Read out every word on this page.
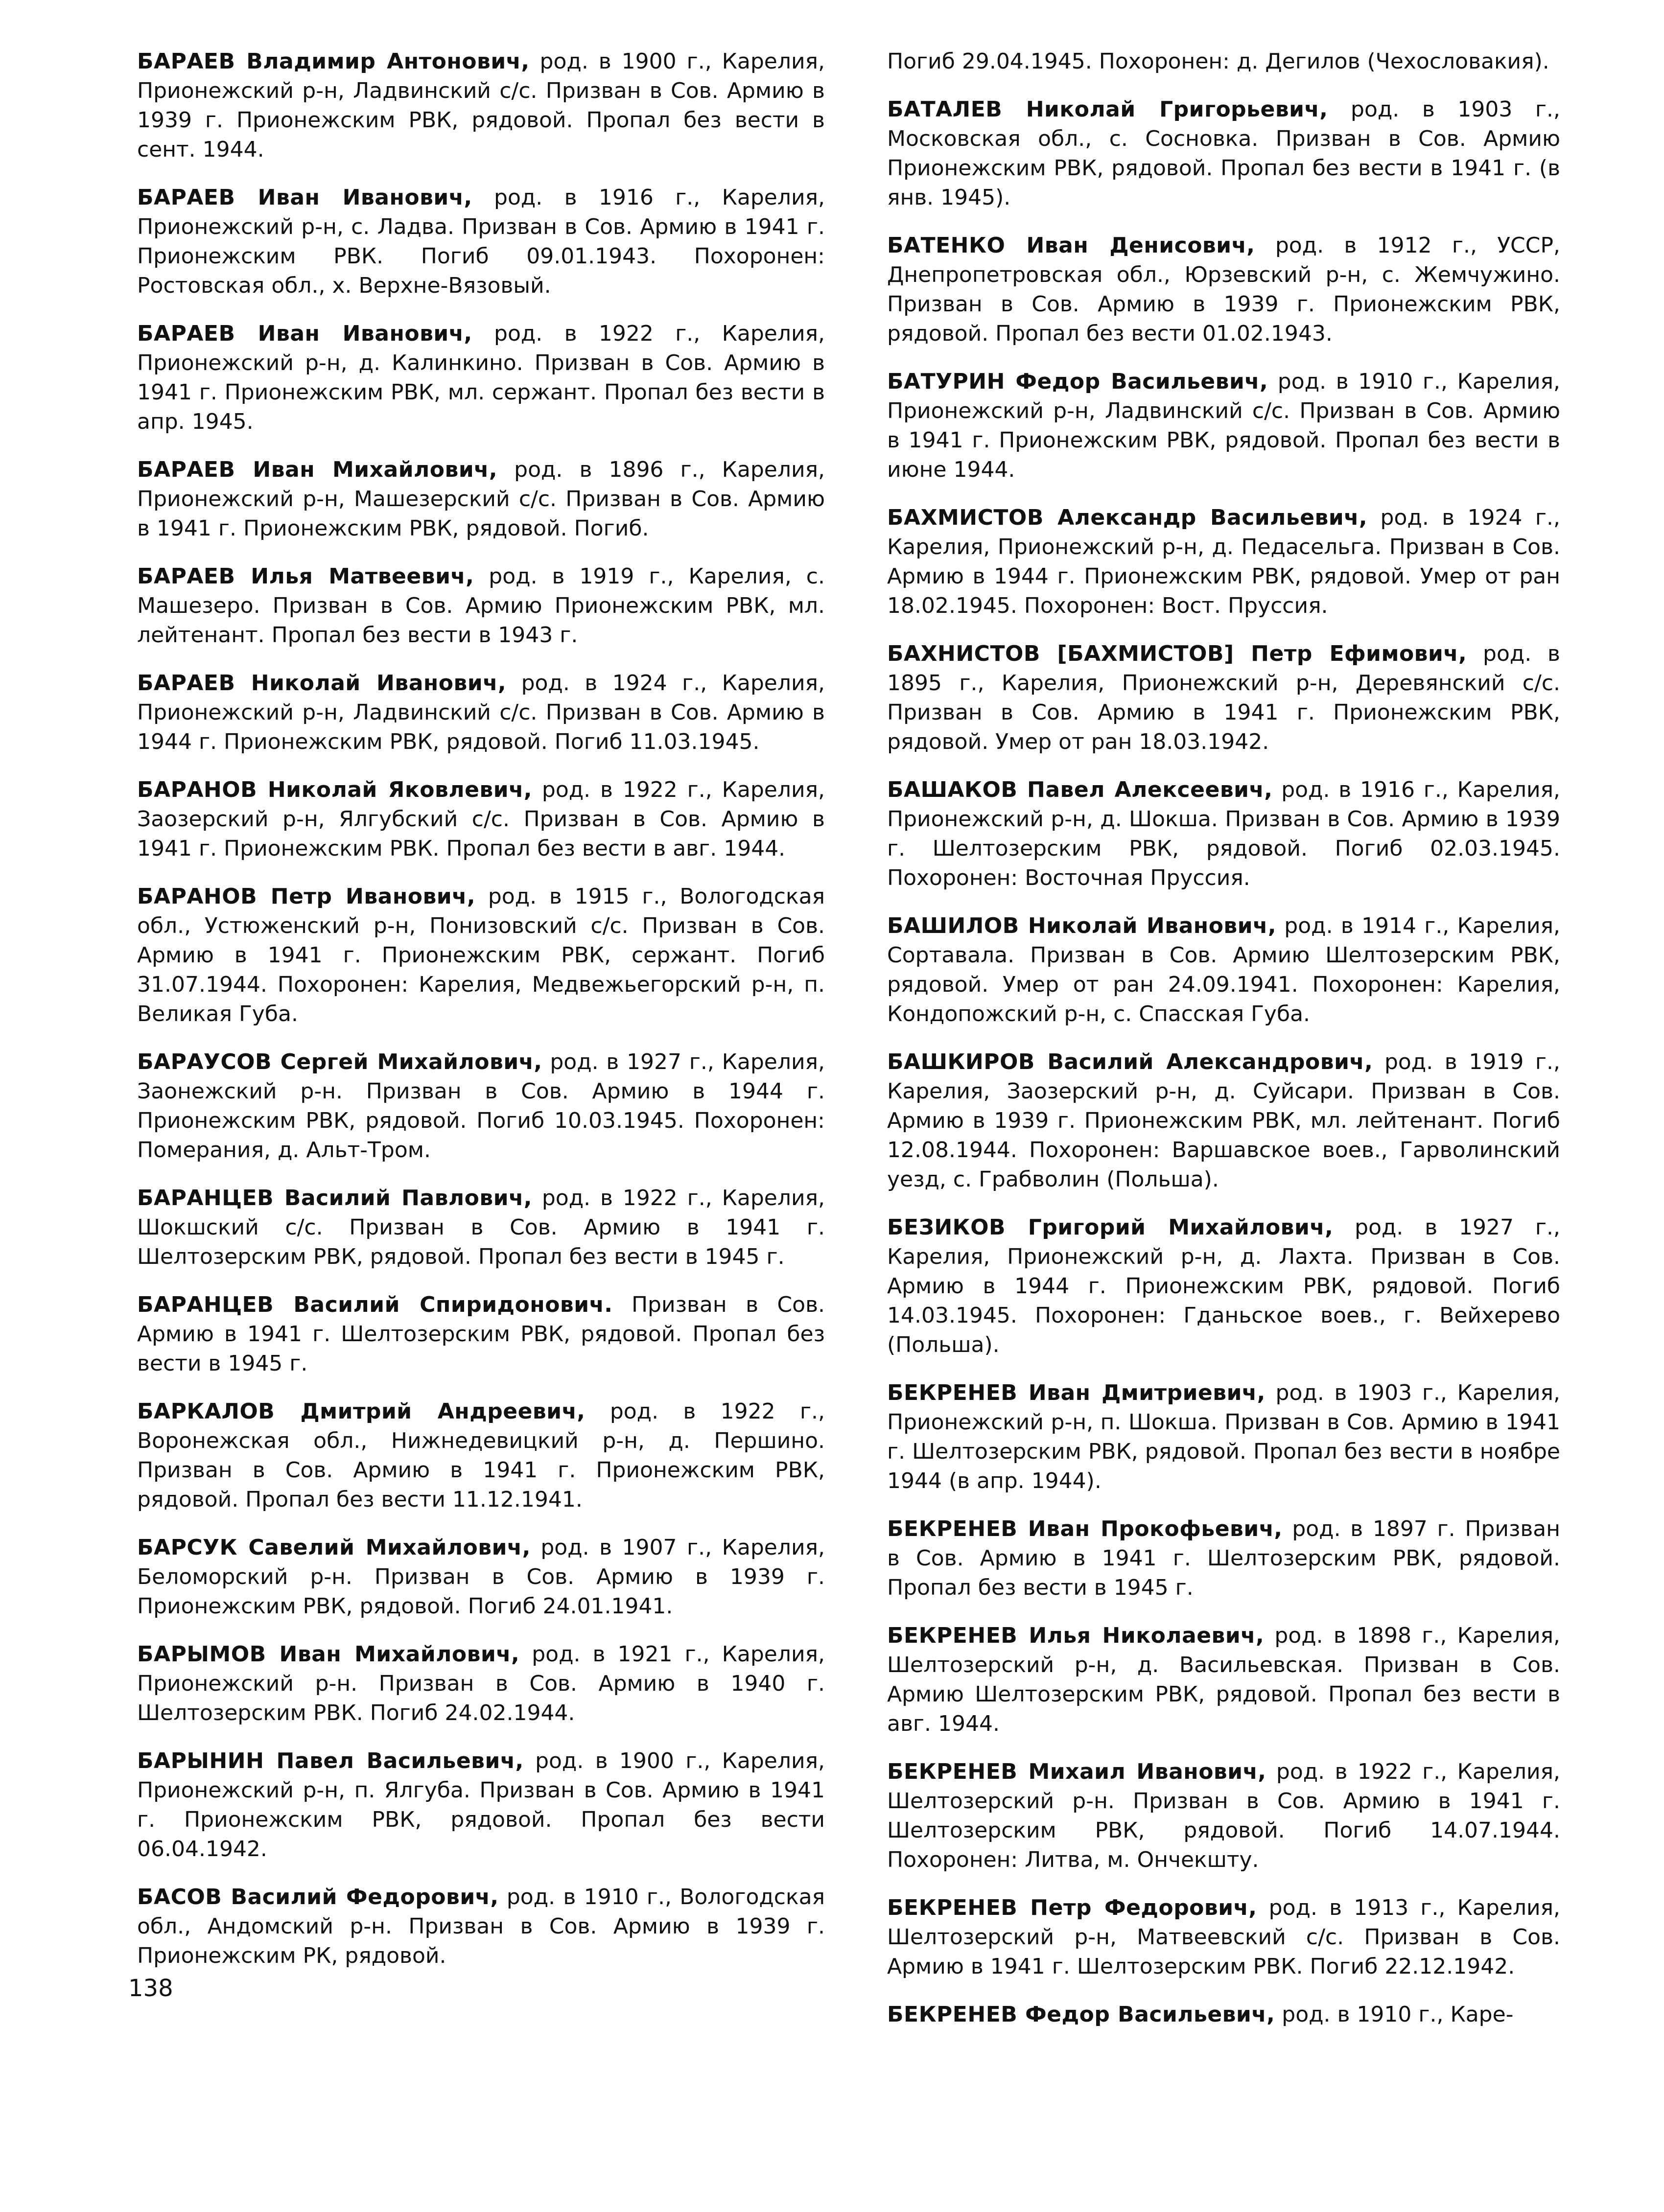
БАРАЕВ Владимир Антонович, род. в 1900 г., Карелия, Прионежский р-н, Ладвинский с/с. Призван в Сов. Армию в 1939 г. Прионежским РВК, рядовой. Пропал без вести в сент. 1944.

БАРАЕВ Иван Иванович, род. в 1916 г., Карелия, Прионежский р-н, с. Ладва. Призван в Сов. Армию в 1941 г. Прионежским РВК. Погиб 09.01.1943. Похоронен: Ростовская обл., х. Верхне-Вязовый.

БАРАЕВ Иван Иванович, род. в 1922 г., Карелия, Прионежский р-н, д. Калинкино. Призван в Сов. Армию в 1941 г. Прионежским РВК, мл. сержант. Пропал без вести в апр. 1945.

БАРАЕВ Иван Михайлович, род. в 1896 г., Карелия, Прионежский р-н, Машезерский с/с. Призван в Сов. Армию в 1941 г. Прионежским РВК, рядовой. Погиб.

БАРАЕВ Илья Матвеевич, род. в 1919 г., Карелия, с. Машезеро. Призван в Сов. Армию Прионежским РВК, мл. лейтенант. Пропал без вести в 1943 г.

БАРАЕВ Николай Иванович, род. в 1924 г., Карелия, Прионежский р-н, Ладвинский с/с. Призван в Сов. Армию в 1944 г. Прионежским РВК, рядовой. Погиб 11.03.1945.

БАРАНОВ Николай Яковлевич, род. в 1922 г., Карелия, Заозерский р-н, Ялгубский с/с. Призван в Сов. Армию в 1941 г. Прионежским РВК. Пропал без вести в авг. 1944.

БАРАНОВ Петр Иванович, род. в 1915 г., Вологодская обл., Устюженский р-н, Понизовский с/с. Призван в Сов. Армию в 1941 г. Прионежским РВК, сержант. Погиб 31.07.1944. Похоронен: Карелия, Медвежьегорский р-н, п. Великая Губа.

БАРАУСОВ Сергей Михайлович, род. в 1927 г., Карелия, Заонежский р-н. Призван в Сов. Армию в 1944 г. Прионежским РВК, рядовой. Погиб 10.03.1945. Похоронен: Померания, д. Альт-Тром.

БАРАНЦЕВ Василий Павлович, род. в 1922 г., Карелия, Шокшский с/с. Призван в Сов. Армию в 1941 г. Шелтозерским РВК, рядовой. Пропал без вести в 1945 г.

БАРАНЦЕВ Василий Спиридонович. Призван в Сов. Армию в 1941 г. Шелтозерским РВК, рядовой. Пропал без вести в 1945 г.

БАРКАЛОВ Дмитрий Андреевич, род. в 1922 г., Воронежская обл., Нижнедевицкий р-н, д. Першино. Призван в Сов. Армию в 1941 г. Прионежским РВК, рядовой. Пропал без вести 11.12.1941.

БАРСУК Савелий Михайлович, род. в 1907 г., Карелия, Беломорский р-н. Призван в Сов. Армию в 1939 г. Прионежским РВК, рядовой. Погиб 24.01.1941.

БАРЫМОВ Иван Михайлович, род. в 1921 г., Карелия, Прионежский р-н. Призван в Сов. Армию в 1940 г. Шелтозерским РВК. Погиб 24.02.1944.

БАРЫНИН Павел Васильевич, род. в 1900 г., Карелия, Прионежский р-н, п. Ялгуба. Призван в Сов. Армию в 1941 г. Прионежским РВК, рядовой. Пропал без вести 06.04.1942.

БАСОВ Василий Федорович, род. в 1910 г., Вологодская обл., Андомский р-н. Призван в Сов. Армию в 1939 г. Прионежским РК, рядовой.

Погиб 29.04.1945. Похоронен: д. Дегилов (Чехословакия).

БАТАЛЕВ Николай Григорьевич, род. в 1903 г., Московская обл., с. Сосновка. Призван в Сов. Армию Прионежским РВК, рядовой. Пропал без вести в 1941 г. (в янв. 1945).

БАТЕНКО Иван Денисович, род. в 1912 г., УССР, Днепропетровская обл., Юрзевский р-н, с. Жемчужино. Призван в Сов. Армию в 1939 г. Прионежским РВК, рядовой. Пропал без вести 01.02.1943.

БАТУРИН Федор Васильевич, род. в 1910 г., Карелия, Прионежский р-н, Ладвинский с/с. Призван в Сов. Армию в 1941 г. Прионежским РВК, рядовой. Пропал без вести в июне 1944.

БАХМИСТОВ Александр Васильевич, род. в 1924 г., Карелия, Прионежский р-н, д. Педасельга. Призван в Сов. Армию в 1944 г. Прионежским РВК, рядовой. Умер от ран 18.02.1945. Похоронен: Вост. Пруссия.

БАХНИСТОВ [БАХМИСТОВ] Петр Ефимович, род. в 1895 г., Карелия, Прионежский р-н, Деревянский с/с. Призван в Сов. Армию в 1941 г. Прионежским РВК, рядовой. Умер от ран 18.03.1942.

БАШАКОВ Павел Алексеевич, род. в 1916 г., Карелия, Прионежский р-н, д. Шокша. Призван в Сов. Армию в 1939 г. Шелтозерским РВК, рядовой. Погиб 02.03.1945. Похоронен: Восточная Пруссия.

БАШИЛОВ Николай Иванович, род. в 1914 г., Карелия, Сортавала. Призван в Сов. Армию Шелтозерским РВК, рядовой. Умер от ран 24.09.1941. Похоронен: Карелия, Кондопожский р-н, с. Спасская Губа.

БАШКИРОВ Василий Александрович, род. в 1919 г., Карелия, Заозерский р-н, д. Суйсари. Призван в Сов. Армию в 1939 г. Прионежским РВК, мл. лейтенант. Погиб 12.08.1944. Похоронен: Варшавское воев., Гарволинский уезд, с. Грабволин (Польша).

БЕЗИКОВ Григорий Михайлович, род. в 1927 г., Карелия, Прионежский р-н, д. Лахта. Призван в Сов. Армию в 1944 г. Прионежским РВК, рядовой. Погиб 14.03.1945. Похоронен: Гданьское воев., г. Вейхерево (Польша).

БЕКРЕНЕВ Иван Дмитриевич, род. в 1903 г., Карелия, Прионежский р-н, п. Шокша. Призван в Сов. Армию в 1941 г. Шелтозерским РВК, рядовой. Пропал без вести в ноябре 1944 (в апр. 1944).

БЕКРЕНЕВ Иван Прокофьевич, род. в 1897 г. Призван в Сов. Армию в 1941 г. Шелтозерским РВК, рядовой. Пропал без вести в 1945 г.

БЕКРЕНЕВ Илья Николаевич, род. в 1898 г., Карелия, Шелтозерский р-н, д. Васильевская. Призван в Сов. Армию Шелтозерским РВК, рядовой. Пропал без вести в авг. 1944.

БЕКРЕНЕВ Михаил Иванович, род. в 1922 г., Карелия, Шелтозерский р-н. Призван в Сов. Армию в 1941 г. Шелтозерским РВК, рядовой. Погиб 14.07.1944. Похоронен: Литва, м. Ончекшту.

БЕКРЕНЕВ Петр Федорович, род. в 1913 г., Карелия, Шелтозерский р-н, Матвеевский с/с. Призван в Сов. Армию в 1941 г. Шелтозерским РВК. Погиб 22.12.1942.

БЕКРЕНЕВ Федор Васильевич, род. в 1910 г., Каре-

138
